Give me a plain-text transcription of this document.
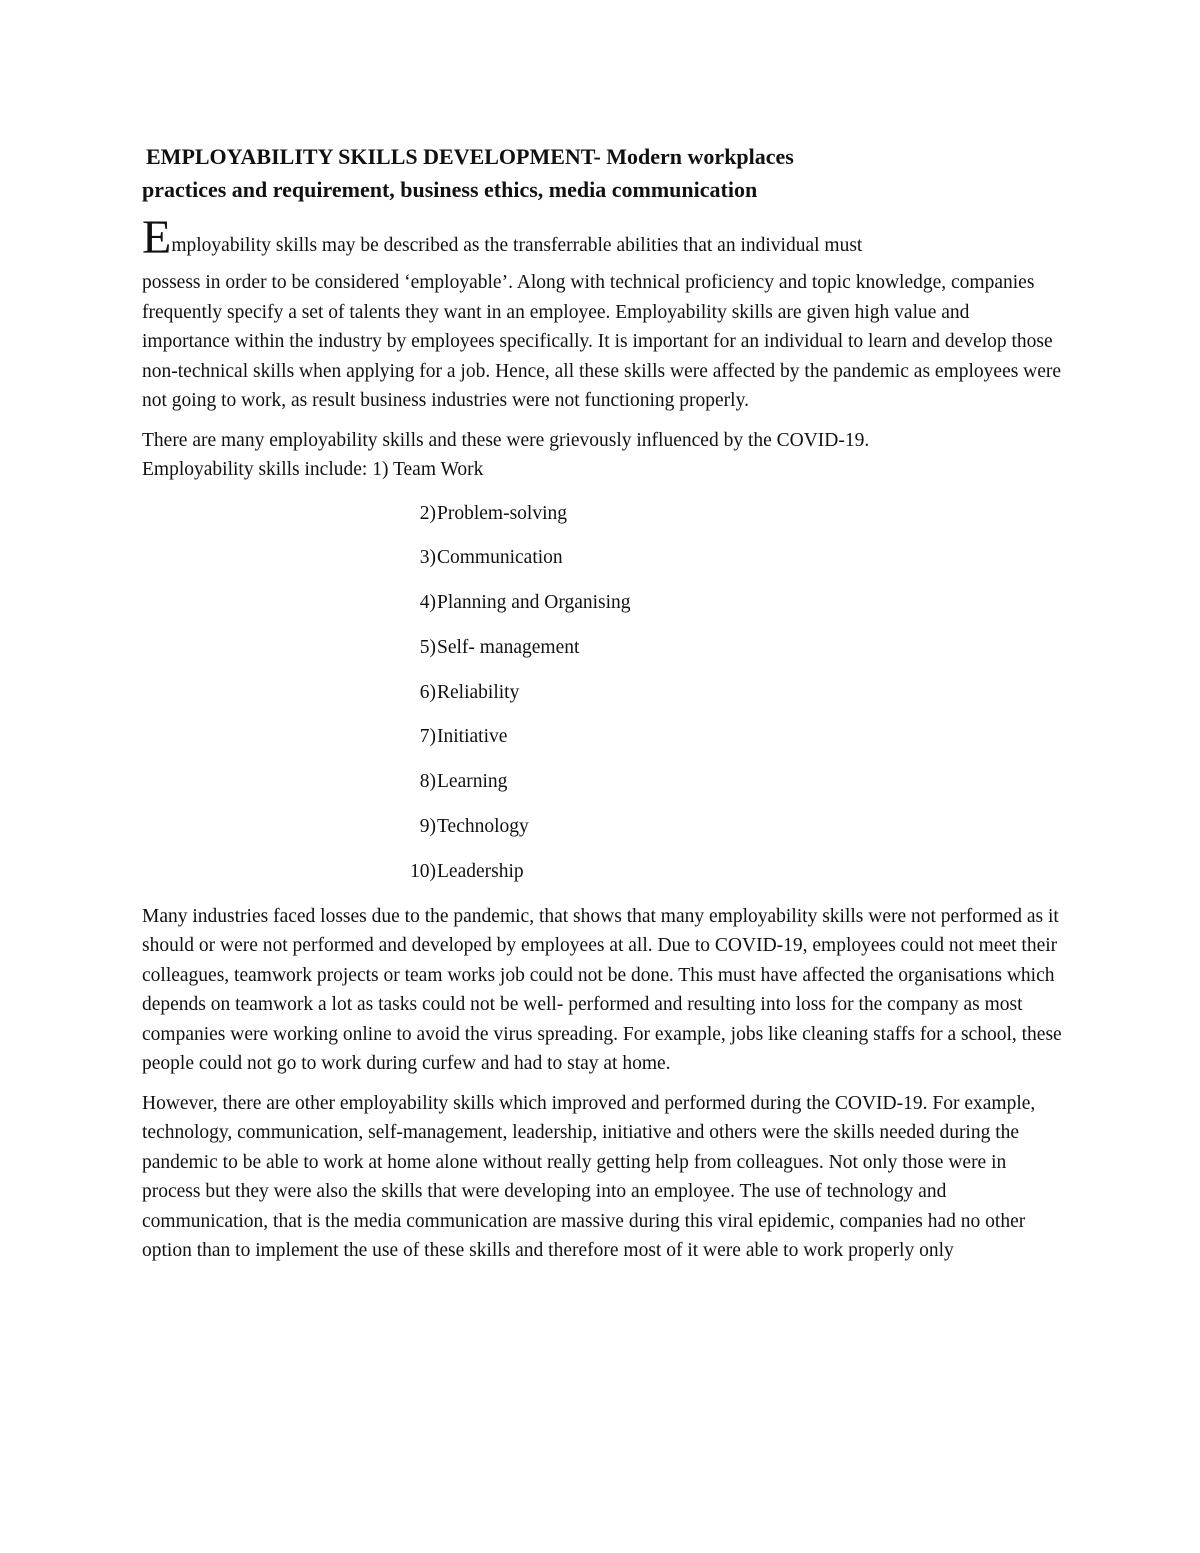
EMPLOYABILITY SKILLS DEVELOPMENT- Modern workplaces
practices and requirement, business ethics, media communication

Employability skills may be described as the transferrable abilities that an individual must
possess in order to be considered ‘employable’. Along with technical proficiency and topic knowledge, companies frequently specify a set of talents they want in an employee. Employability skills are given high value and importance within the industry by employees specifically. It is important for an individual to learn and develop those non-technical skills when applying for a job. Hence, all these skills were affected by the pandemic as employees were not going to work, as result business industries were not functioning properly.

There are many employability skills and these were grievously influenced by the COVID-19.
Employability skills include: 1) Team Work

2) Problem-solving
3) Communication
4) Planning and Organising
5) Self- management
6) Reliability
7) Initiative
8) Learning
9) Technology
10) Leadership

Many industries faced losses due to the pandemic, that shows that many employability skills were not performed as it should or were not performed and developed by employees at all. Due to COVID-19, employees could not meet their colleagues, teamwork projects or team works job could not be done. This must have affected the organisations which depends on teamwork a lot as tasks could not be well- performed and resulting into loss for the company as most companies were working online to avoid the virus spreading. For example, jobs like cleaning staffs for a school, these people could not go to work during curfew and had to stay at home.

However, there are other employability skills which improved and performed during the COVID-19. For example, technology, communication, self-management, leadership, initiative and others were the skills needed during the pandemic to be able to work at home alone without really getting help from colleagues. Not only those were in process but they were also the skills that were developing into an employee. The use of technology and communication, that is the media communication are massive during this viral epidemic, companies had no other option than to implement the use of these skills and therefore most of it were able to work properly only
